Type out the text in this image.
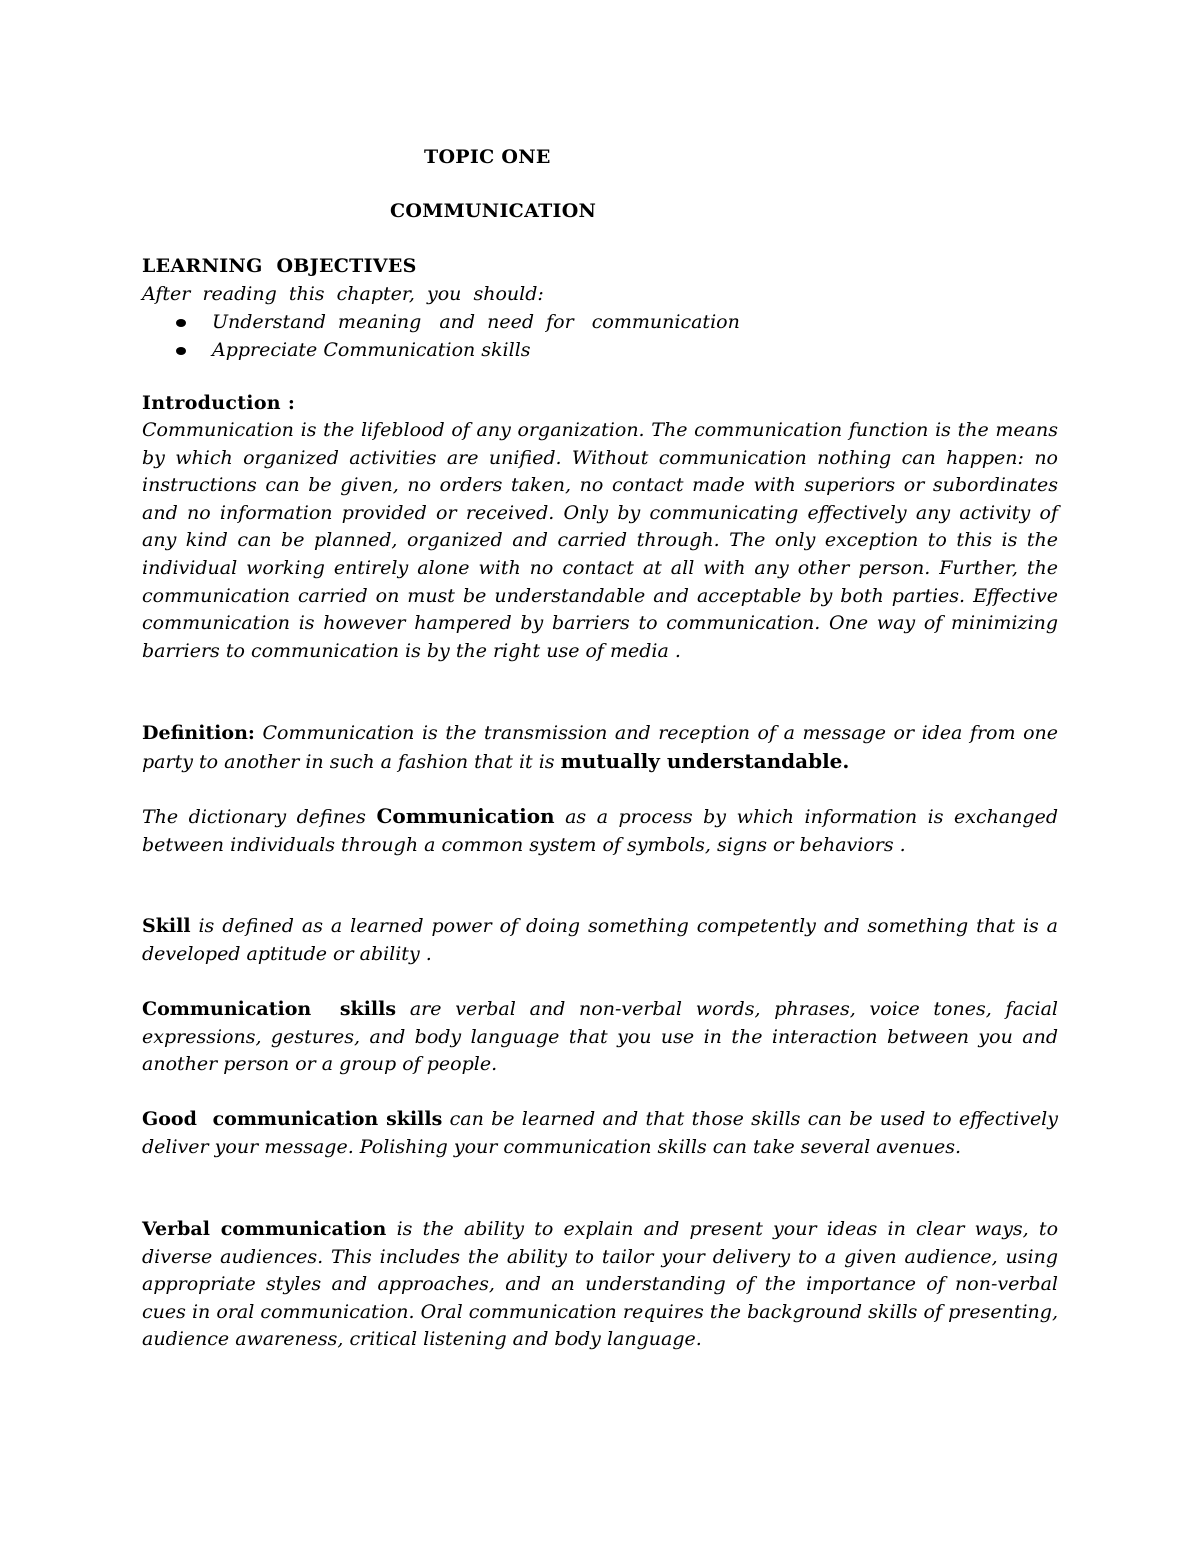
TOPIC ONE
COMMUNICATION
LEARNING  OBJECTIVES
After  reading  this  chapter,  you  should:
Understand  meaning   and  need  for   communication
Appreciate Communication skills
Introduction :
Communication is the lifeblood of any organization. The communication function is the means by which organized activities are unified. Without communication nothing can happen: no instructions can be given, no orders taken, no contact made with superiors or subordinates and no information provided or received. Only by communicating effectively any activity of any kind can be planned, organized and carried through. The only exception to this is the individual working entirely alone with no contact at all with any other person. Further, the communication carried on must be understandable and acceptable by both parties. Effective communication is however hampered by barriers to communication. One way of minimizing barriers to communication is by the right use of media .
Definition: Communication is the transmission and reception of a message or idea from one party to another in such a fashion that it is mutually understandable.
The dictionary defines Communication as a process by which information is exchanged between individuals through a common system of symbols, signs or behaviors .
Skill is defined as a learned power of doing something competently and something that is a developed aptitude or ability .
Communication  skills are verbal and non-verbal words, phrases, voice tones, facial expressions, gestures, and body language that you use in the interaction between you and another person or a group of people.
Good  communication skills can be learned and that those skills can be used to effectively deliver your message. Polishing your communication skills can take several avenues.
Verbal communication is the ability to explain and present your ideas in clear ways, to diverse audiences. This includes the ability to tailor your delivery to a given audience, using appropriate styles and approaches, and an understanding of the importance of non-verbal cues in oral communication. Oral communication requires the background skills of presenting, audience awareness, critical listening and body language.
